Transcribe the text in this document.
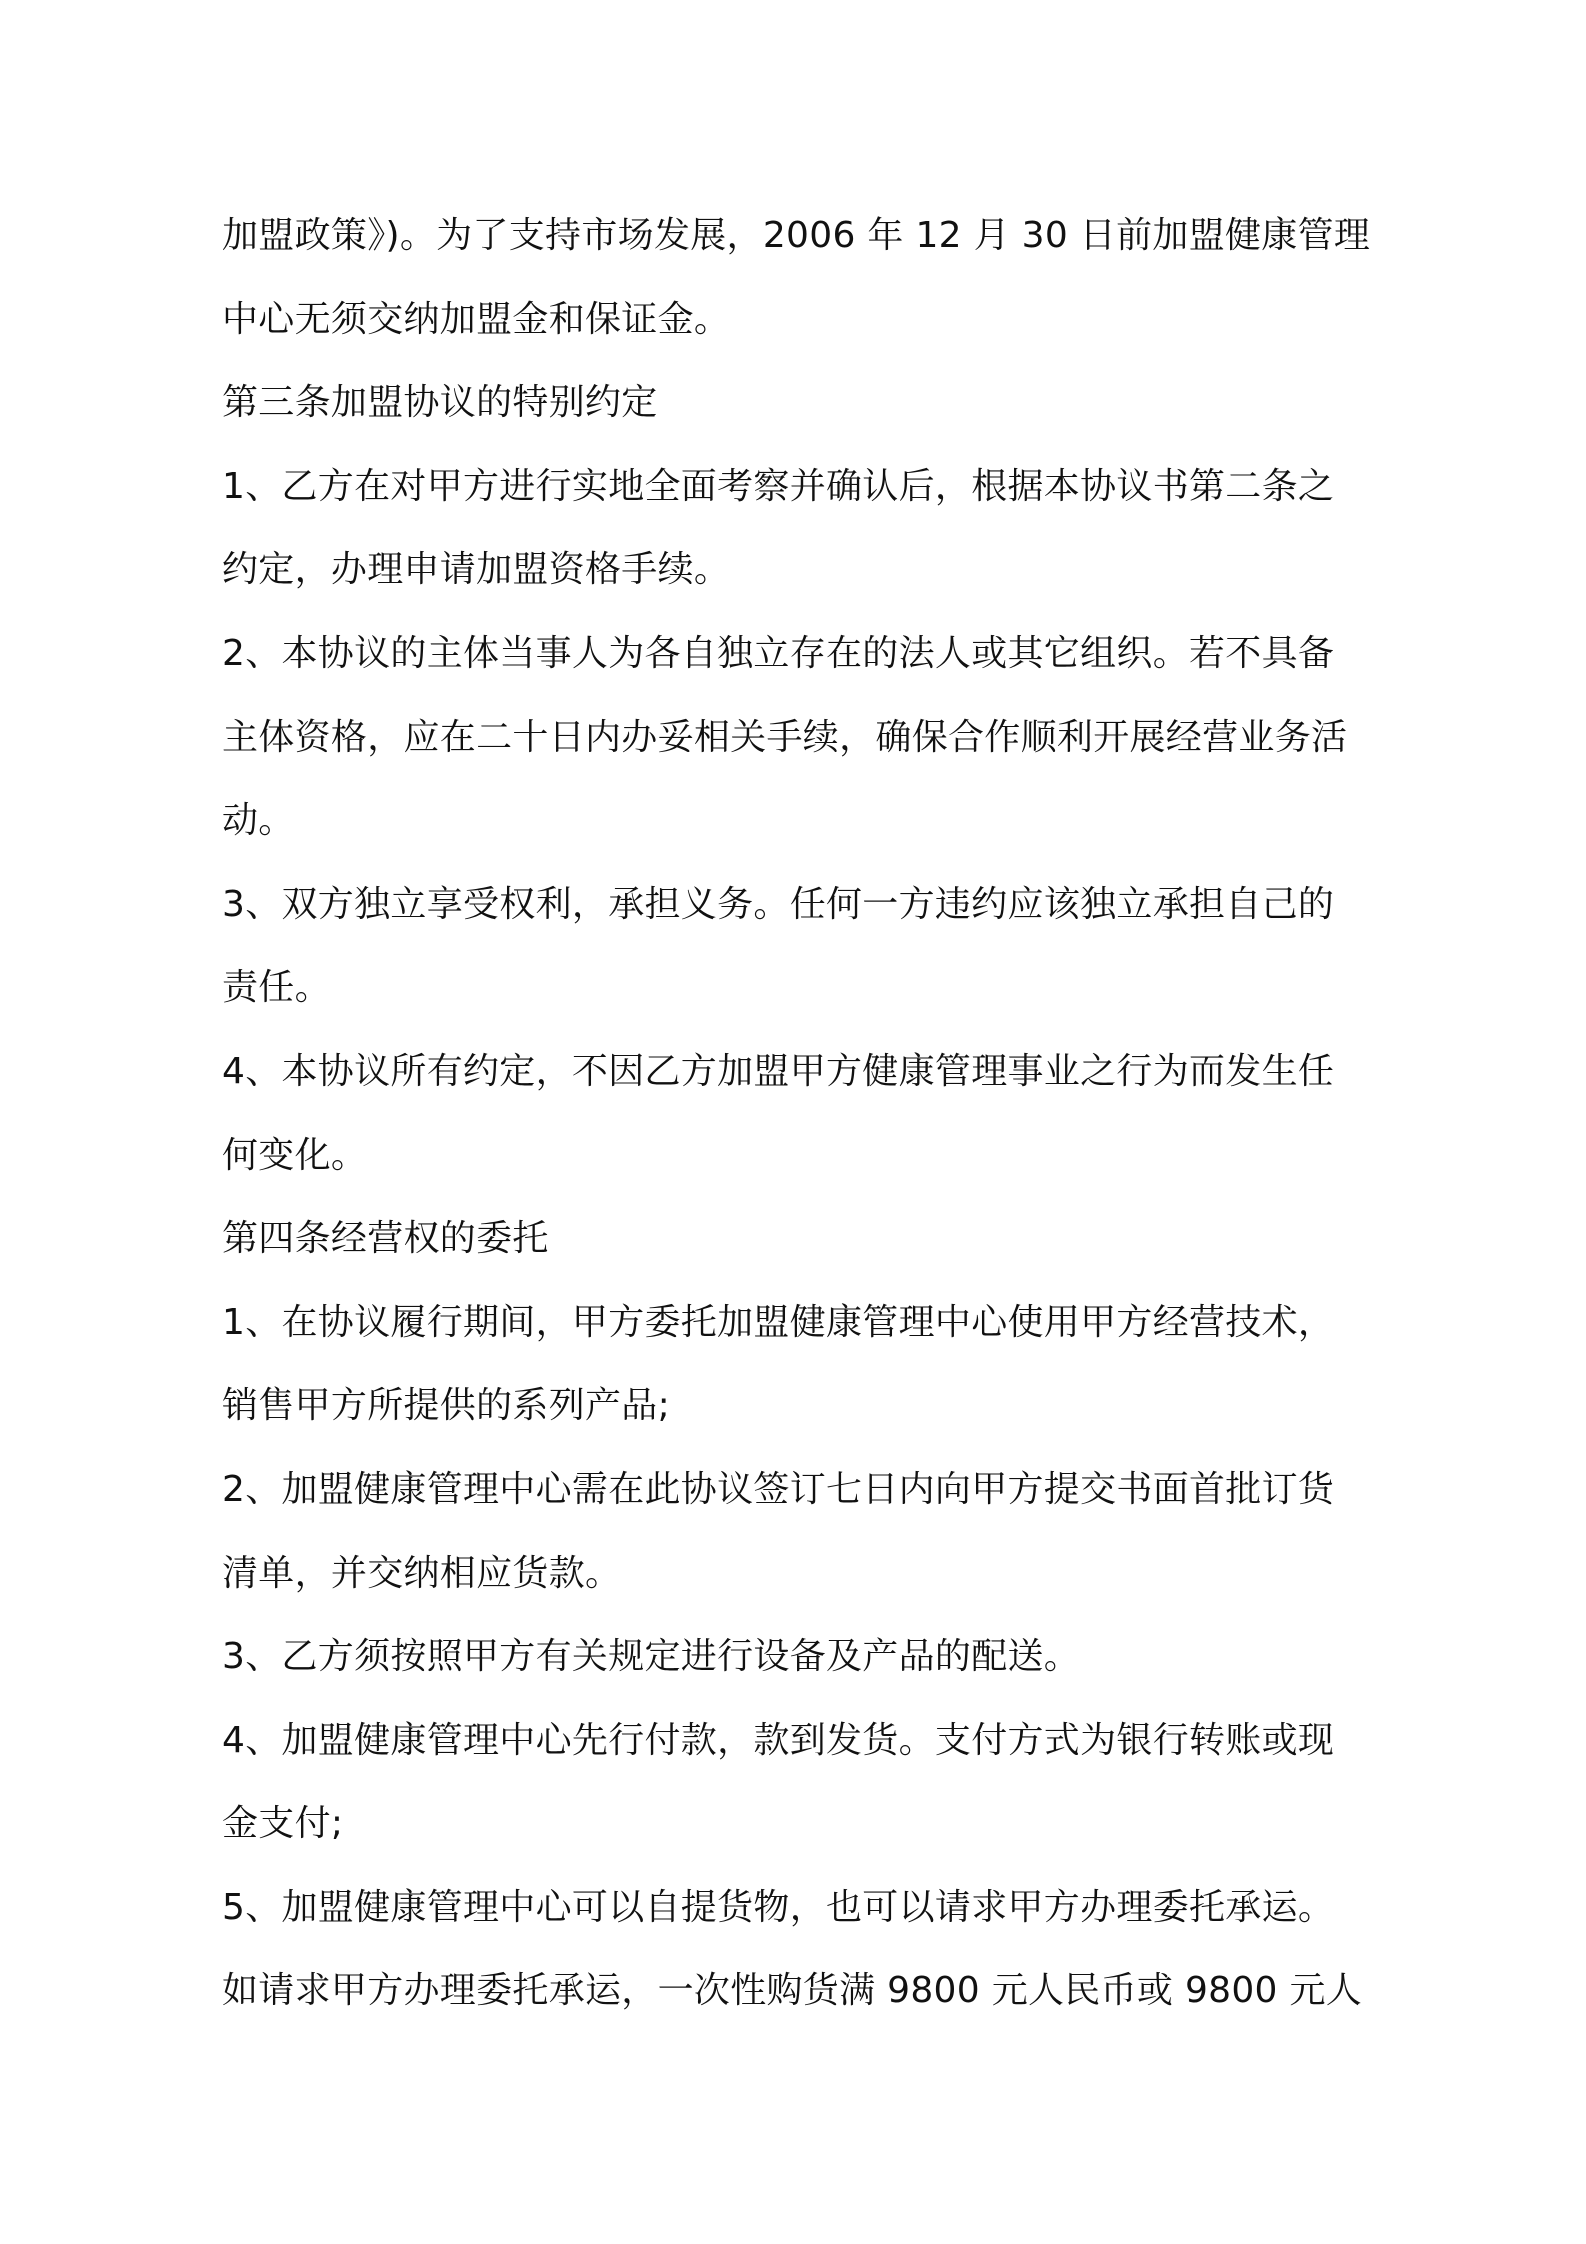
加盟政策》)。为了支持市场发展，2006 年 12 月 30 日前加盟健康管理
中心无须交纳加盟金和保证金。
第三条加盟协议的特别约定
1、乙方在对甲方进行实地全面考察并确认后，根据本协议书第二条之
约定，办理申请加盟资格手续。
2、本协议的主体当事人为各自独立存在的法人或其它组织。若不具备
主体资格，应在二十日内办妥相关手续，确保合作顺利开展经营业务活
动。
3、双方独立享受权利，承担义务。任何一方违约应该独立承担自己的
责任。
4、本协议所有约定，不因乙方加盟甲方健康管理事业之行为而发生任
何变化。
第四条经营权的委托
1、在协议履行期间，甲方委托加盟健康管理中心使用甲方经营技术，
销售甲方所提供的系列产品;
2、加盟健康管理中心需在此协议签订七日内向甲方提交书面首批订货
清单，并交纳相应货款。
3、乙方须按照甲方有关规定进行设备及产品的配送。
4、加盟健康管理中心先行付款，款到发货。支付方式为银行转账或现
金支付;
5、加盟健康管理中心可以自提货物，也可以请求甲方办理委托承运。
如请求甲方办理委托承运，一次性购货满 9800 元人民币或 9800 元人
